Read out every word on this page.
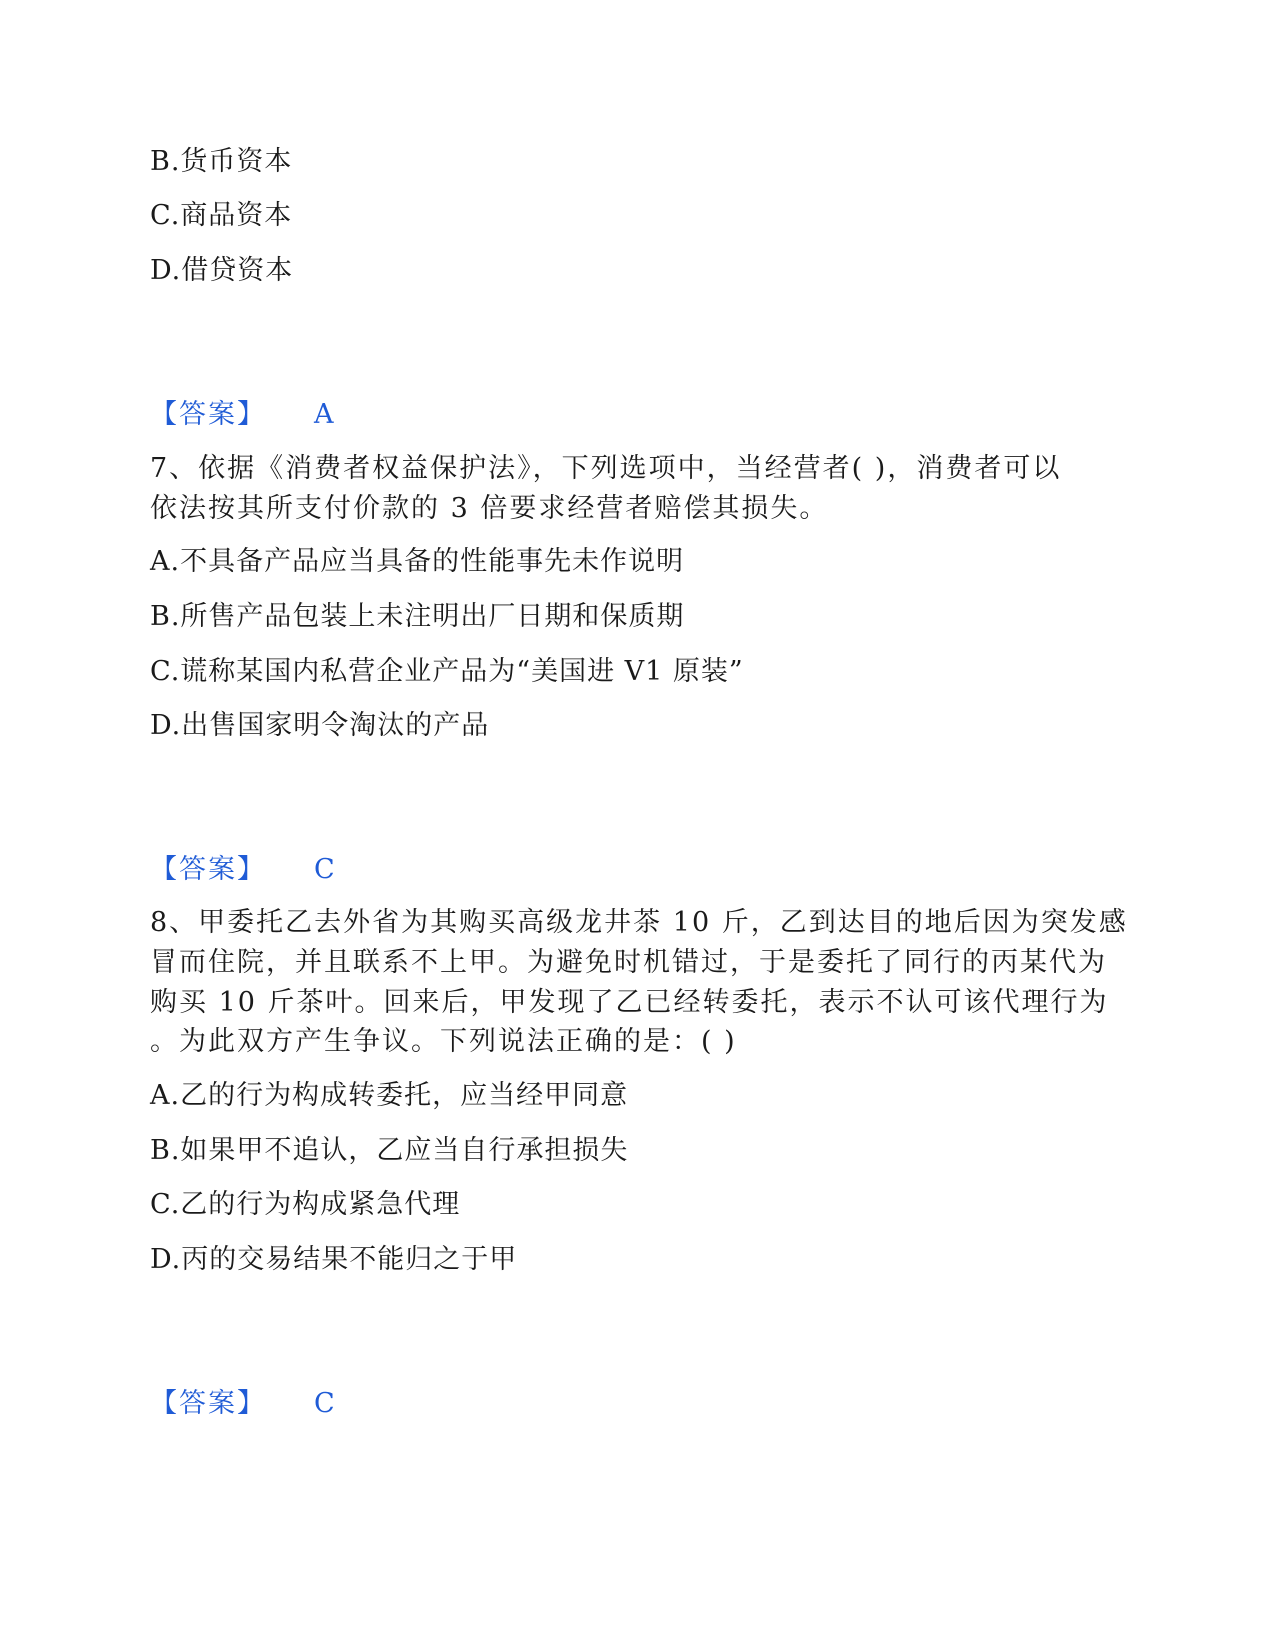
B.货币资本
C.商品资本
D.借贷资本
【答案】 A
7、依据《消费者权益保护法》，下列选项中，当经营者( )，消费者可以
依法按其所支付价款的 3 倍要求经营者赔偿其损失。
A.不具备产品应当具备的性能事先未作说明
B.所售产品包装上未注明出厂日期和保质期
C.谎称某国内私营企业产品为“美国进 V1 原装”
D.出售国家明令淘汰的产品
【答案】 C
8、甲委托乙去外省为其购买高级龙井茶 10 斤，乙到达目的地后因为突发感
冒而住院，并且联系不上甲。为避免时机错过，于是委托了同行的丙某代为
购买 10 斤茶叶。回来后，甲发现了乙已经转委托，表示不认可该代理行为
。为此双方产生争议。下列说法正确的是：( )
A.乙的行为构成转委托，应当经甲同意
B.如果甲不追认，乙应当自行承担损失
C.乙的行为构成紧急代理
D.丙的交易结果不能归之于甲
【答案】 C
